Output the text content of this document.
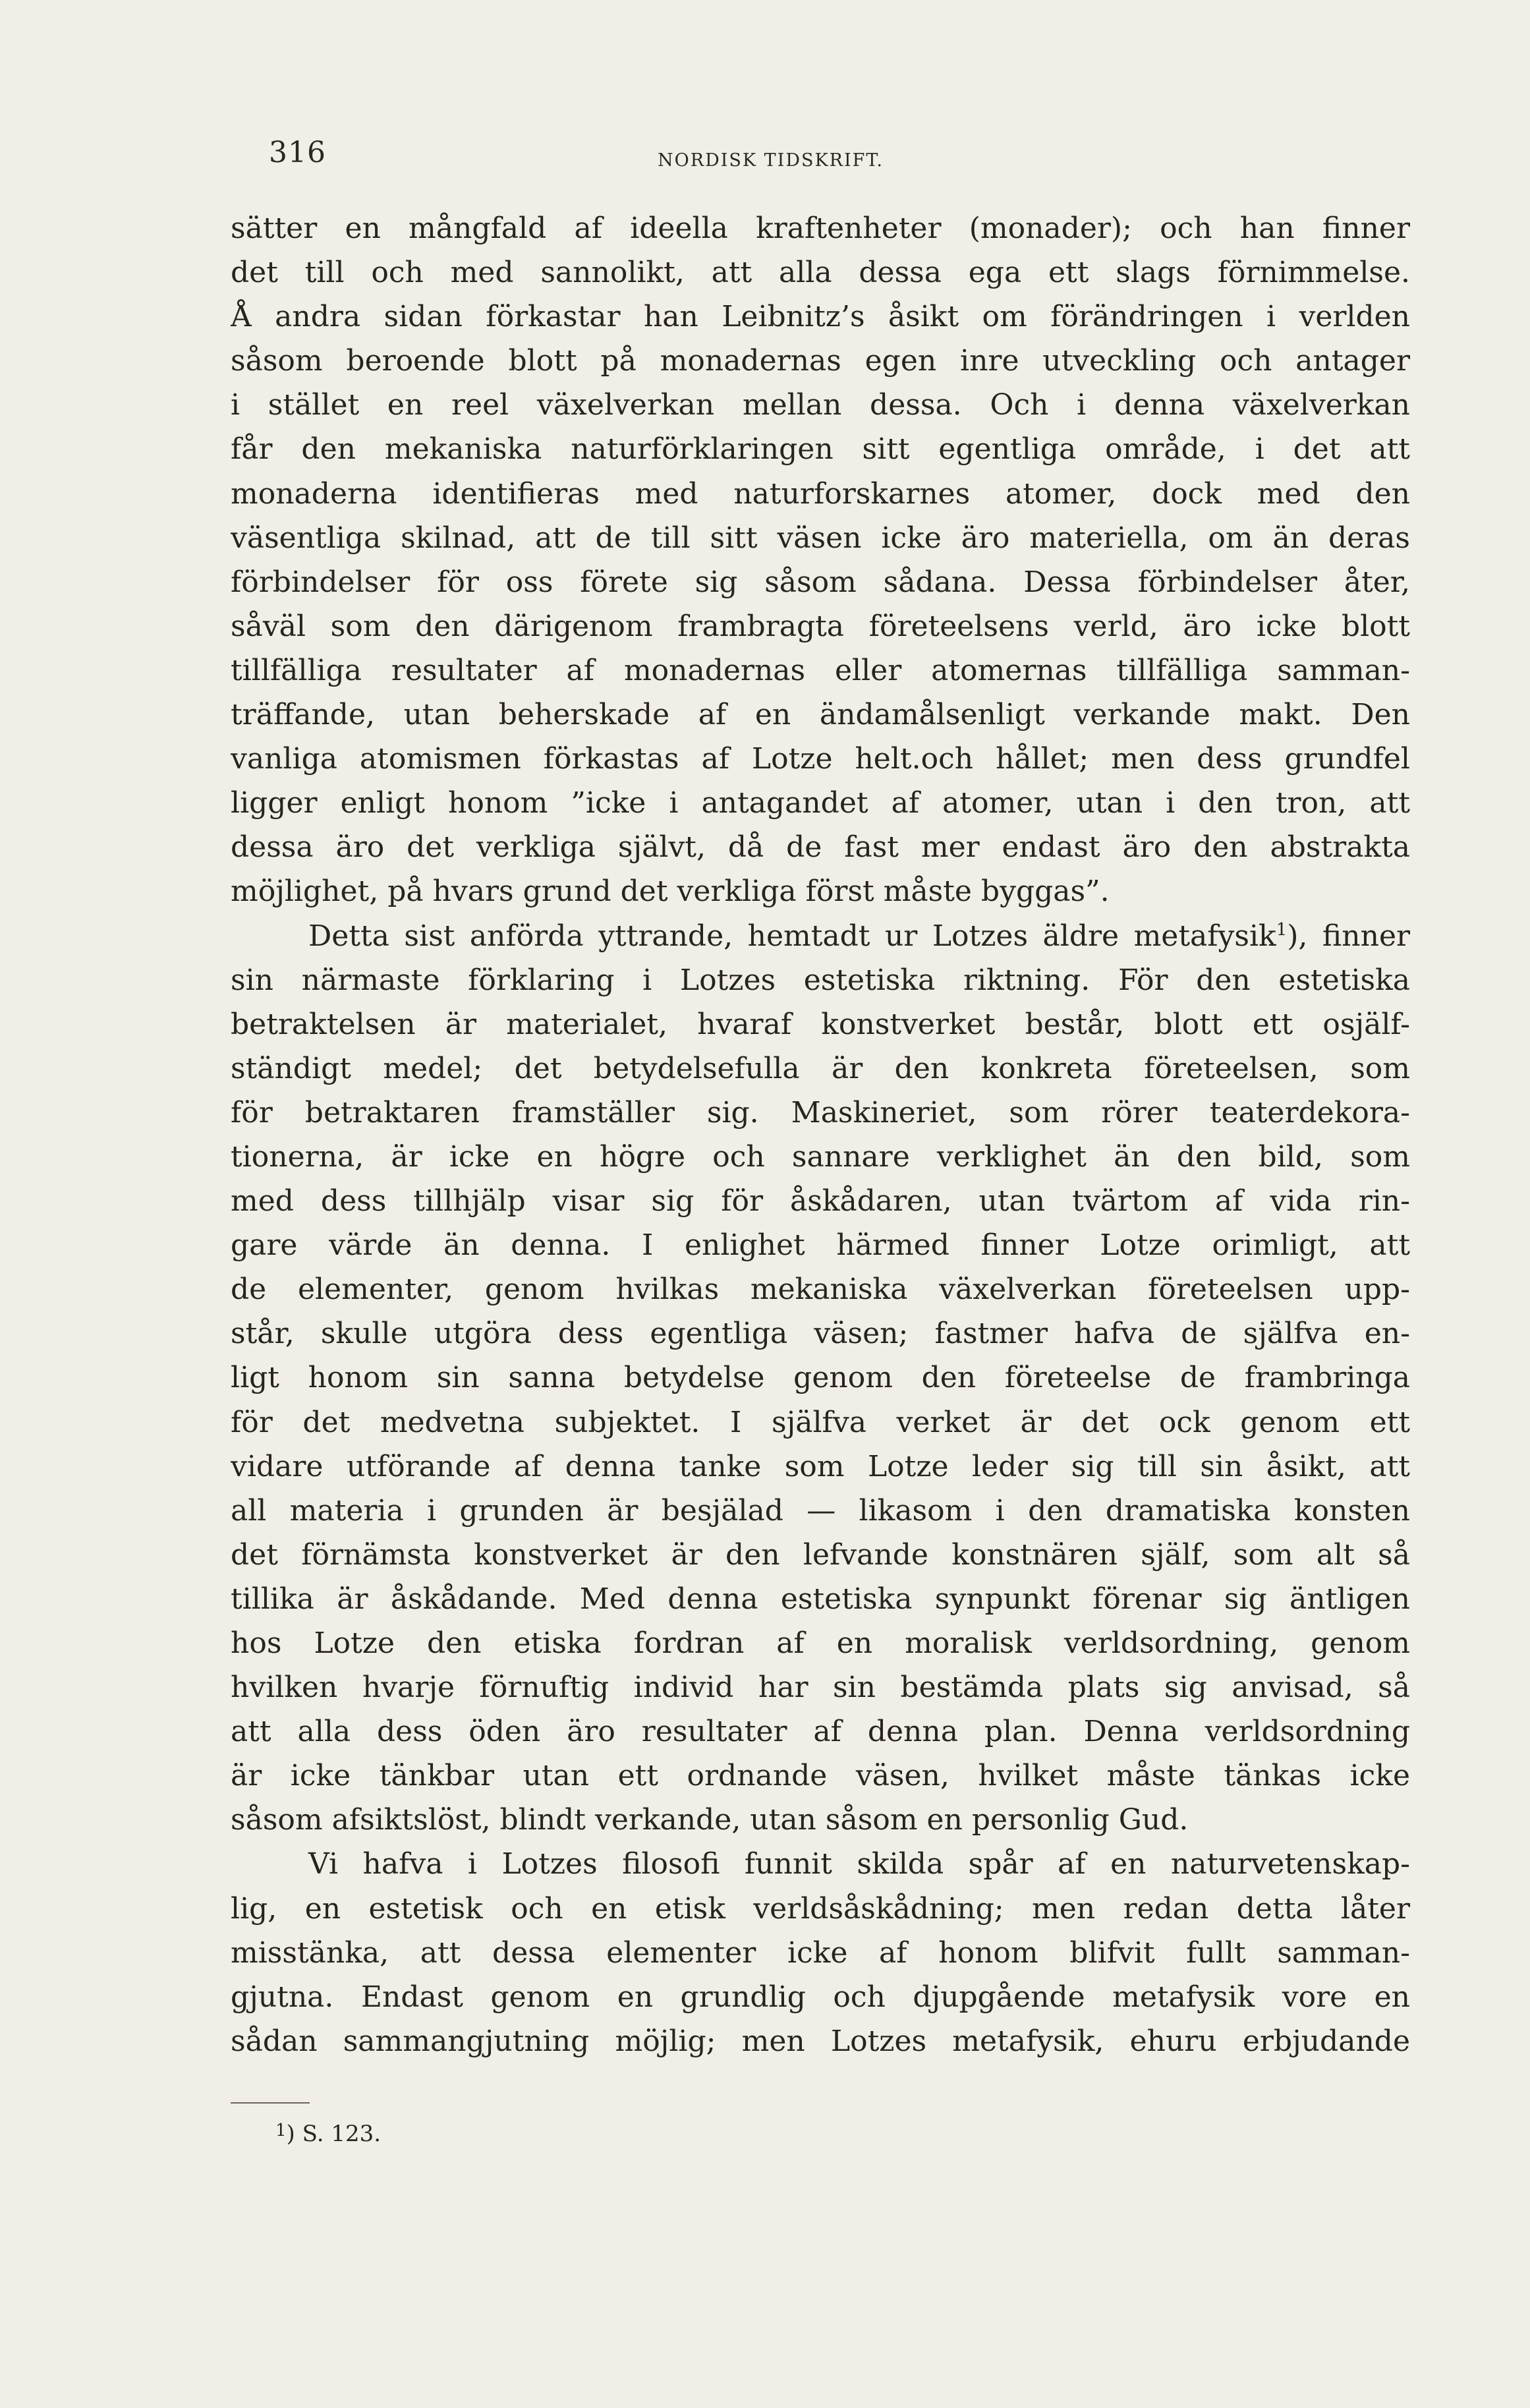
316	NORDISK TIDSKRIFT.
sätter en mångfald af ideella kraftenheter (monader); och han finner
det till och med sannolikt, att alla dessa ega ett slags förnimmelse.
Å andra sidan förkastar han Leibnitz’s åsikt om förändringen i verlden
såsom beroende blott på monadernas egen inre utveckling och antager
i stället en reel växelverkan mellan dessa. Och i denna växelverkan
får den mekaniska naturförklaringen sitt egentliga område, i det att
monaderna identifieras med naturforskarnes atomer, dock med den
väsentliga skilnad, att de till sitt väsen icke äro materiella, om än deras
förbindelser för oss förete sig såsom sådana. Dessa förbindelser åter,
såväl som den därigenom frambragta företeelsens verld, äro icke blott
tillfälliga resultater af monadernas eller atomernas tillfälliga samman-
träffande, utan beherskade af en ändamålsenligt verkande makt. Den
vanliga atomismen förkastas af Lotze helt.och hållet; men dess grundfel
ligger enligt honom ”icke i antagandet af atomer, utan i den tron, att
dessa äro det verkliga självt, då de fast mer endast äro den abstrakta
möjlighet, på hvars grund det verkliga först måste byggas”.
Detta sist anförda yttrande, hemtadt ur Lotzes äldre metafysik$^1$), finner
sin närmaste förklaring i Lotzes estetiska riktning. För den estetiska
betraktelsen är materialet, hvaraf konstverket består, blott ett osjälf-
ständigt medel; det betydelsefulla är den konkreta företeelsen, som
för betraktaren framställer sig. Maskineriet, som rörer teaterdekora-
tionerna, är icke en högre och sannare verklighet än den bild, som
med dess tillhjälp visar sig för åskådaren, utan tvärtom af vida rin-
gare värde än denna. I enlighet härmed finner Lotze orimligt, att
de elementer, genom hvilkas mekaniska växelverkan företeelsen upp-
står, skulle utgöra dess egentliga väsen; fastmer hafva de själfva en-
ligt honom sin sanna betydelse genom den företeelse de frambringa
för det medvetna subjektet. I själfva verket är det ock genom ett
vidare utförande af denna tanke som Lotze leder sig till sin åsikt, att
all materia i grunden är besjälad — likasom i den dramatiska konsten
det förnämsta konstverket är den lefvande konstnären själf, som alt så
tillika är åskådande. Med denna estetiska synpunkt förenar sig äntligen
hos Lotze den etiska fordran af en moralisk verldsordning, genom
hvilken hvarje förnuftig individ har sin bestämda plats sig anvisad, så
att alla dess öden äro resultater af denna plan. Denna verldsordning
är icke tänkbar utan ett ordnande väsen, hvilket måste tänkas icke
såsom afsiktslöst, blindt verkande, utan såsom en personlig Gud.
Vi hafva i Lotzes filosofi funnit skilda spår af en naturvetenskap-
lig, en estetisk och en etisk verldsåskådning; men redan detta låter
misstänka, att dessa elementer icke af honom blifvit fullt samman-
gjutna. Endast genom en grundlig och djupgående metafysik vore en
sådan sammangjutning möjlig; men Lotzes metafysik, ehuru erbjudande
$^1$) S. 123.
